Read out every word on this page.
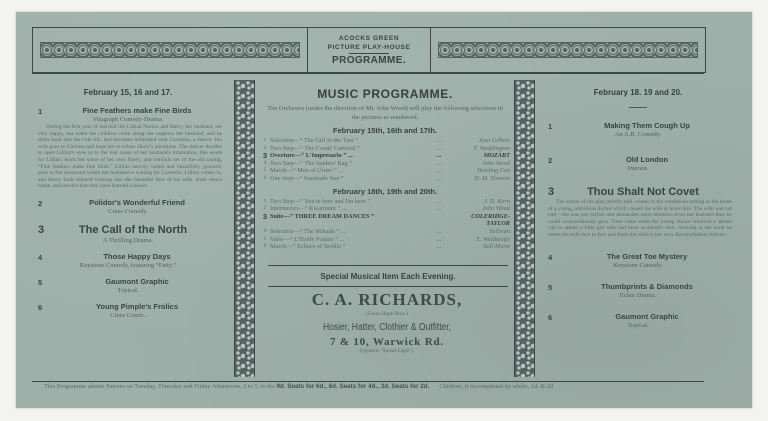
ACOCKS GREEN
PICTURE PLAY-HOUSE
PROGRAMME.
February 15, 16 and 17.
1	Fine Feathers make Fine Birds
Vitagraph Comedy-Drama.
During the first year of married life Lillian Norton and Harry, her husband, are very happy, but when the children come along she neglects her husband, and he drifts back into the club life, and becomes infatuated with Carmelia, a dancer. His wife goes to Carlotta and begs her to refuse Harry's attentions. The dancer decides to open Lillian's eyes as to the real cause of her husband's infatuation. She sends for Lillian, lends her some of her own finery, and reminds her of the old saying, “Fine feathers make fine birds.” Lillian heavily veiled and beautifully gowned, goes to the restaurant where her husband is waiting for Carmelia. Lillian comes in, and Harry finds himself looking into the beautiful face of his wife. Both return home, and resolve that they have learned a lesson.
2	Polidor's Wonderful Friend
Cines Comedy.
3	The Call of the North
A Thrilling Drama.
4	Those Happy Days
Keystone Comedy, featuring “Fatty.”
5	Gaumont Graphic
Topical.
6	Young Pimple's Frolics
Cines Comic.
MUSIC PROGRAMME.
The Orchestra (under the direction of Mr. John Wood) will play the following selections to the pictures as numbered.
February 15th, 16th and 17th.
1 Selection—“ The Girl in the Taxi ”	...	Jean Gilbert
2 Two Step—“ The Count' Carnival ”	...	F. Waddington
3 Overture—“ L'Impresario ” ...	...	MOZART
4 Two Step—“ The Spiders' Rag ”	...	John Wood
5 March—“ Men of Ulster ” ...	...	Harding Cox
6 One Step—“ Sunshade Sue ”	...	H. M. Tennent
February 18th, 19th and 20th.
1 Two Step—“ You're here and I'm here ”	...	J. D. Kern
2 Intermezzo—“ Kwarmoni ” ...	...	John Wood
3 Suite—“ THREE DREAM DANCES ”	COLERIDGE-TAYLOR
4 Selection—“ The Mikado ” ...	...	Sullivan
5 Valse—“ L'Etoile Polaire ” ...	...	E. Waldteufel
6 March—“ Echoes of Seville ”	...	Neil Moret
Special Musical Item Each Evening.
C. A. RICHARDS,
(From Hope Bros.)
Hosier, Hatter, Clothier & Outfitter,
7 & 10, Warwick Rd.
(Opposite “Spread Eagle”).
February 18. 19 and 20.
1	Making Them Cough Up
An A.B. Comedy.
2	Old London
Interest.
3	Thou Shalt Not Covet
The action of the play, briefly told, relates to the conditions arising in the home of a young, ambitious doctor which caused his wife to leave him. The wife was not bad—she was just selfish and demanded more attention from her husband than he could conscientiously give. Time came when the young doctor received a 'phone call to attend a little girl who had been accidently shot. Arriving at the hotel he meets his wife face to face and finds the child is her own. Reconciliation follows.
4	The Great Toe Mystery
Keystone Comedy.
5	Thumbprints & Diamonds
Eclair Drama.
6	Gaumont Graphic
Topical.
This Programme admits Patrons on Tuesday, Thursday and Friday Afternoons, 3 to 5, to the 9d. Seats for 6d., 6d. Seats for 4d., 3d. Seats for 2d. Children, if accompanied by adults, 1d. & 2d
